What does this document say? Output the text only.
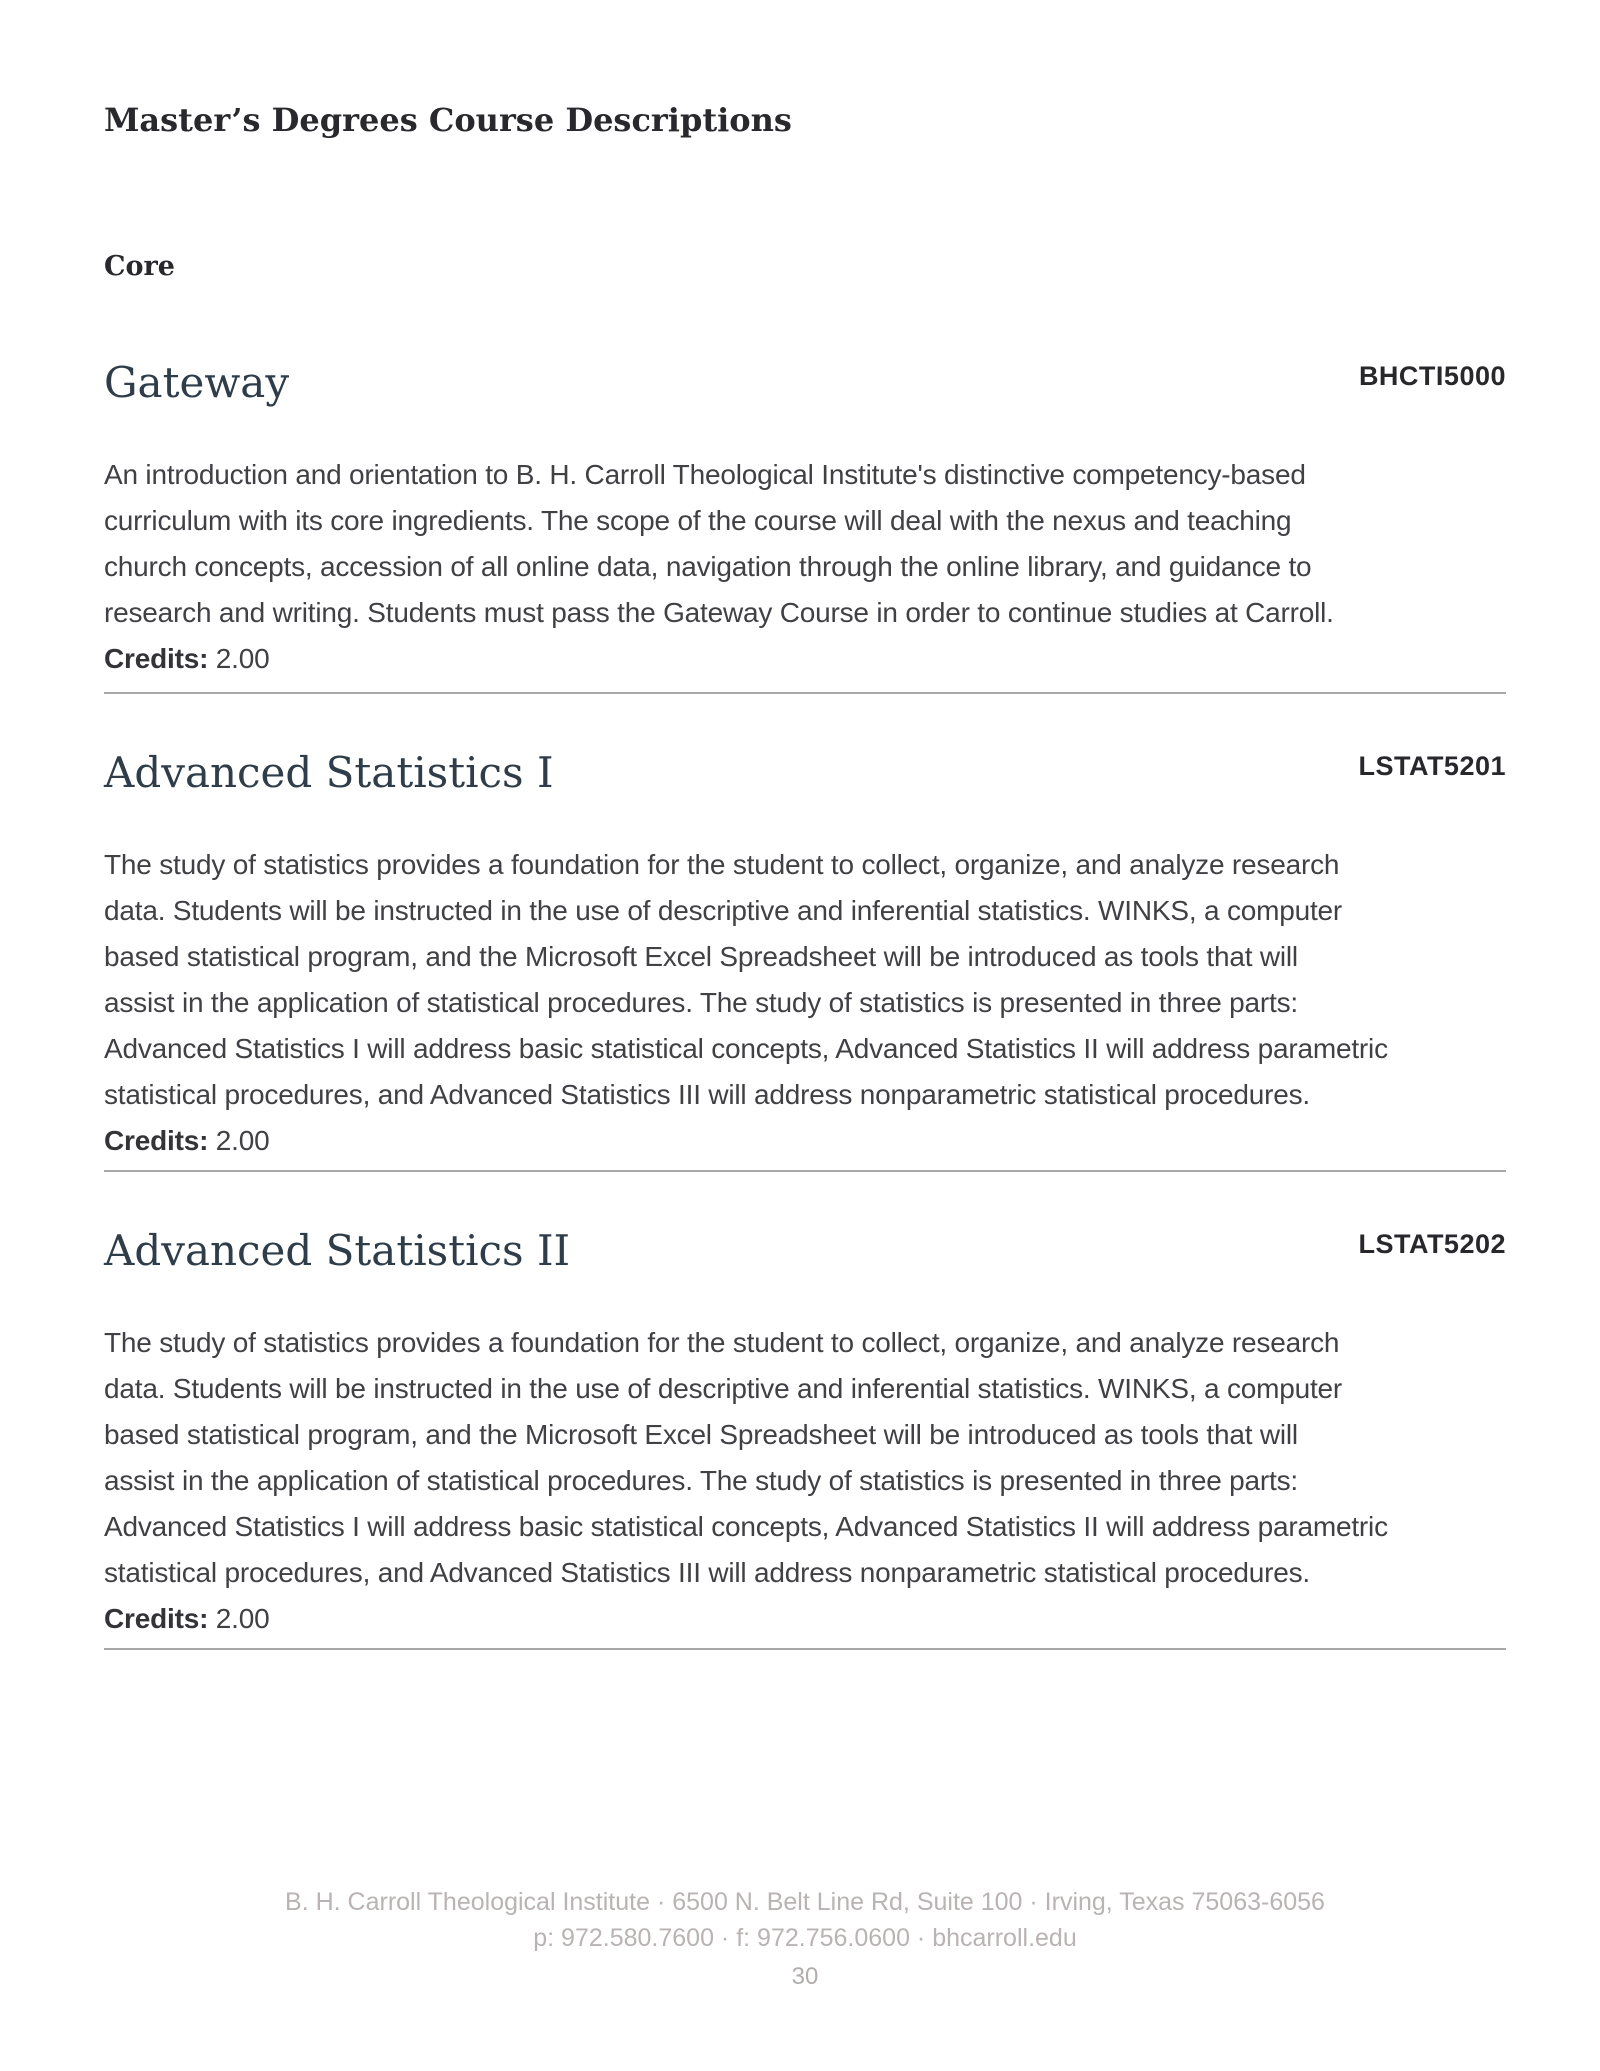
Master’s Degrees Course Descriptions
Core
Gateway	BHCTI5000
An introduction and orientation to B. H. Carroll Theological Institute's distinctive competency-based
curriculum with its core ingredients. The scope of the course will deal with the nexus and teaching
church concepts, accession of all online data, navigation through the online library, and guidance to
research and writing. Students must pass the Gateway Course in order to continue studies at Carroll.
Credits: 2.00
Advanced Statistics I	LSTAT5201
The study of statistics provides a foundation for the student to collect, organize, and analyze research
data. Students will be instructed in the use of descriptive and inferential statistics. WINKS, a computer
based statistical program, and the Microsoft Excel Spreadsheet will be introduced as tools that will
assist in the application of statistical procedures. The study of statistics is presented in three parts:
Advanced Statistics I will address basic statistical concepts, Advanced Statistics II will address parametric
statistical procedures, and Advanced Statistics III will address nonparametric statistical procedures.
Credits: 2.00
Advanced Statistics II	LSTAT5202
The study of statistics provides a foundation for the student to collect, organize, and analyze research
data. Students will be instructed in the use of descriptive and inferential statistics. WINKS, a computer
based statistical program, and the Microsoft Excel Spreadsheet will be introduced as tools that will
assist in the application of statistical procedures. The study of statistics is presented in three parts:
Advanced Statistics I will address basic statistical concepts, Advanced Statistics II will address parametric
statistical procedures, and Advanced Statistics III will address nonparametric statistical procedures.
Credits: 2.00
B. H. Carroll Theological Institute · 6500 N. Belt Line Rd, Suite 100 · Irving, Texas 75063-6056
p: 972.580.7600 · f: 972.756.0600 · bhcarroll.edu
30
